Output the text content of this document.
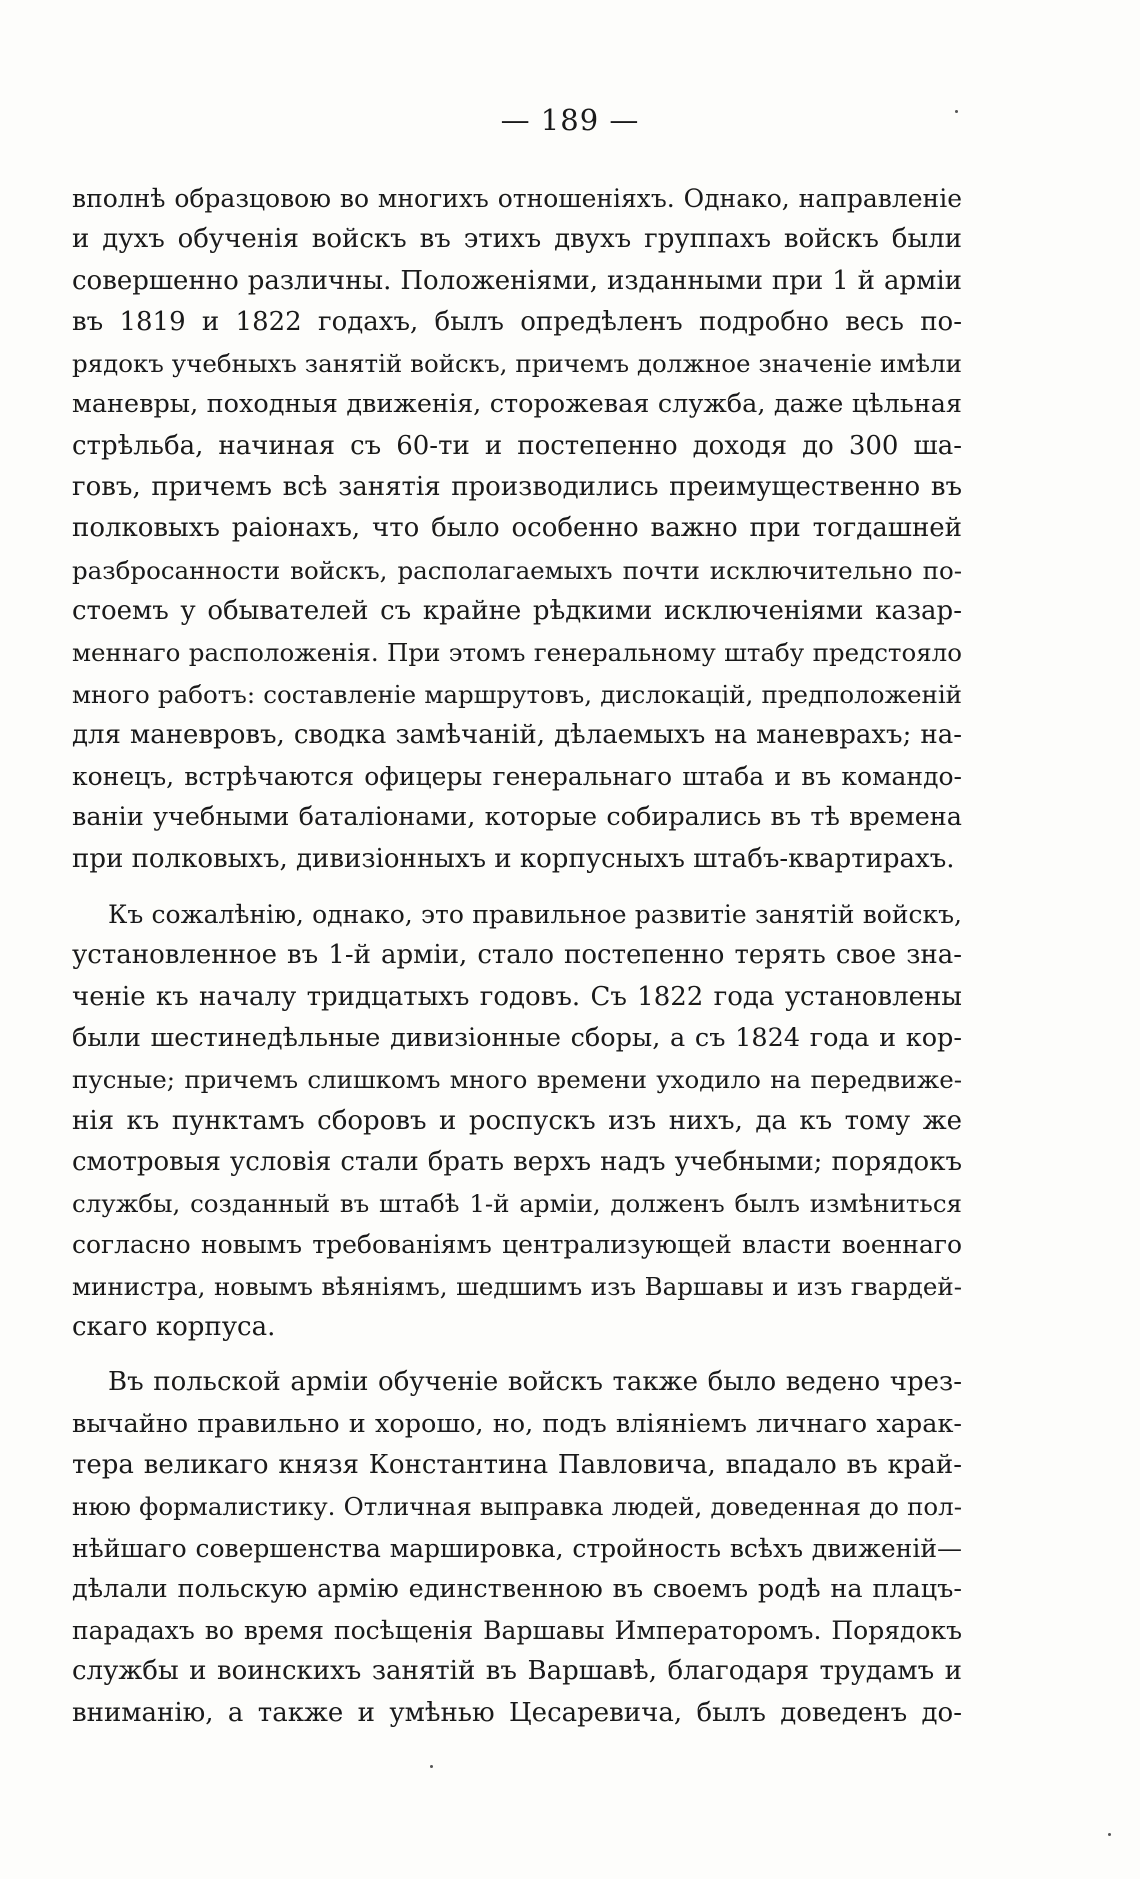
— 189 —
вполнѣ образцовою во многихъ отношеніяхъ. Однако, направленіе
и духъ обученія войскъ въ этихъ двухъ группахъ войскъ были
совершенно различны. Положеніями, изданными при 1 й арміи
въ 1819 и 1822 годахъ, былъ опредѣленъ подробно весь по-
рядокъ учебныхъ занятій войскъ, причемъ должное значеніе имѣли
маневры, походныя движенія, сторожевая служба, даже цѣльная
стрѣльба, начиная съ 60-ти и постепенно доходя до 300 ша-
говъ, причемъ всѣ занятія производились преимущественно въ
полковыхъ раіонахъ, что было особенно важно при тогдашней
разбросанности войскъ, располагаемыхъ почти исключительно по-
стоемъ у обывателей съ крайне рѣдкими исключеніями казар-
меннаго расположенія. При этомъ генеральному штабу предстояло
много работъ: составленіе маршрутовъ, дислокацій, предположеній
для маневровъ, сводка замѣчаній, дѣлаемыхъ на маневрахъ; на-
конецъ, встрѣчаются офицеры генеральнаго штаба и въ командо-
ваніи учебными баталіонами, которые собирались въ тѣ времена
при полковыхъ, дивизіонныхъ и корпусныхъ штабъ-квартирахъ.
Къ сожалѣнію, однако, это правильное развитіе занятій войскъ,
установленное въ 1-й арміи, стало постепенно терять свое зна-
ченіе къ началу тридцатыхъ годовъ. Съ 1822 года установлены
были шестинедѣльные дивизіонные сборы, а съ 1824 года и кор-
пусные; причемъ слишкомъ много времени уходило на передвиже-
нія къ пунктамъ сборовъ и роспускъ изъ нихъ, да къ тому же
смотровыя условія стали брать верхъ надъ учебными; порядокъ
службы, созданный въ штабѣ 1-й арміи, долженъ былъ измѣниться
согласно новымъ требованіямъ централизующей власти военнаго
министра, новымъ вѣяніямъ, шедшимъ изъ Варшавы и изъ гвардей-
скаго корпуса.
Въ польской арміи обученіе войскъ также было ведено чрез-
вычайно правильно и хорошо, но, подъ вліяніемъ личнаго харак-
тера великаго князя Константина Павловича, впадало въ край-
нюю формалистику. Отличная выправка людей, доведенная до пол-
нѣйшаго совершенства маршировка, стройность всѣхъ движеній—
дѣлали польскую армію единственною въ своемъ родѣ на плацъ-
парадахъ во время посѣщенія Варшавы Императоромъ. Порядокъ
службы и воинскихъ занятій въ Варшавѣ, благодаря трудамъ и
вниманію, а также и умѣнью Цесаревича, былъ доведенъ до-
